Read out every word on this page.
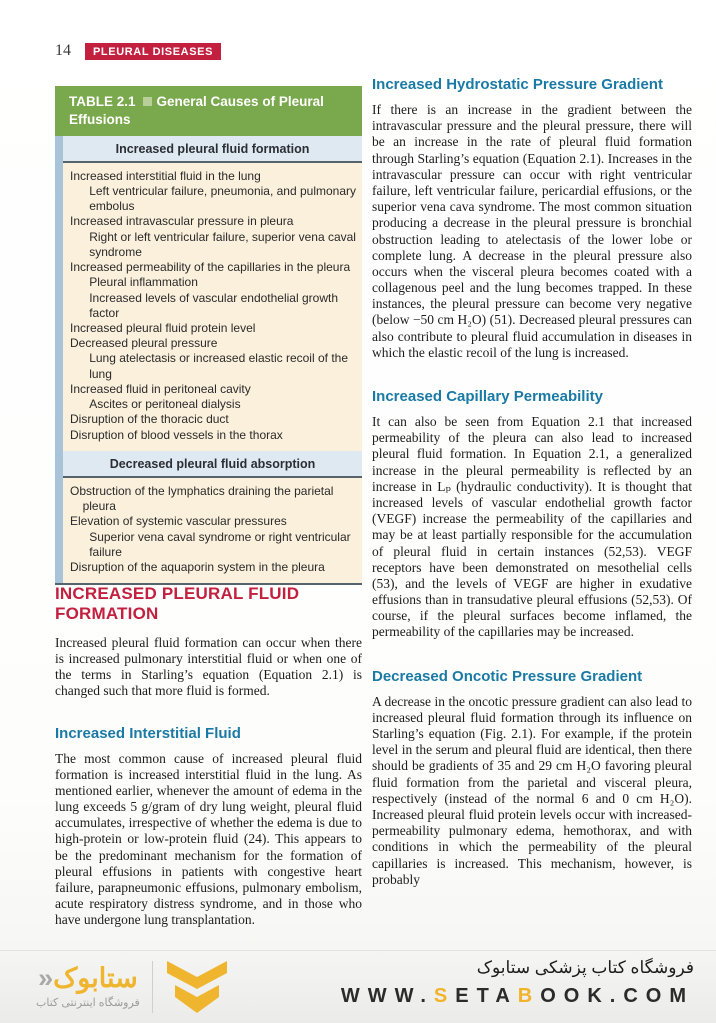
14	PLEURAL DISEASES
TABLE 2.1 General Causes of Pleural Effusions
Increased pleural fluid formation
Increased interstitial fluid in the lung
Left ventricular failure, pneumonia, and pulmonary embolus
Increased intravascular pressure in pleura
Right or left ventricular failure, superior vena caval syndrome
Increased permeability of the capillaries in the pleura
Pleural inflammation
Increased levels of vascular endothelial growth factor
Increased pleural fluid protein level
Decreased pleural pressure
Lung atelectasis or increased elastic recoil of the lung
Increased fluid in peritoneal cavity
Ascites or peritoneal dialysis
Disruption of the thoracic duct
Disruption of blood vessels in the thorax
Decreased pleural fluid absorption
Obstruction of the lymphatics draining the parietal pleura
Elevation of systemic vascular pressures
Superior vena caval syndrome or right ventricular failure
Disruption of the aquaporin system in the pleura
INCREASED PLEURAL FLUID FORMATION

Increased pleural fluid formation can occur when there is increased pulmonary interstitial fluid or when one of the terms in Starling’s equation (Equation 2.1) is changed such that more fluid is formed.

Increased Interstitial Fluid

The most common cause of increased pleural fluid formation is increased interstitial fluid in the lung. As mentioned earlier, whenever the amount of edema in the lung exceeds 5 g/gram of dry lung weight, pleural fluid accumulates, irrespective of whether the edema is due to high-protein or low-protein fluid (24). This appears to be the predominant mechanism for the formation of pleural effusions in patients with congestive heart failure, parapneumonic effusions, pulmonary embolism, acute respiratory distress syndrome, and in those who have undergone lung transplantation.

Increased Hydrostatic Pressure Gradient

If there is an increase in the gradient between the intravascular pressure and the pleural pressure, there will be an increase in the rate of pleural fluid formation through Starling’s equation (Equation 2.1). Increases in the intravascular pressure can occur with right ventricular failure, left ventricular failure, pericardial effusions, or the superior vena cava syndrome. The most common situation producing a decrease in the pleural pressure is bronchial obstruction leading to atelectasis of the lower lobe or complete lung. A decrease in the pleural pressure also occurs when the visceral pleura becomes coated with a collagenous peel and the lung becomes trapped. In these instances, the pleural pressure can become very negative (below −50 cm H₂O) (51). Decreased pleural pressures can also contribute to pleural fluid accumulation in diseases in which the elastic recoil of the lung is increased.

Increased Capillary Permeability

It can also be seen from Equation 2.1 that increased permeability of the pleura can also lead to increased pleural fluid formation. In Equation 2.1, a generalized increase in the pleural permeability is reflected by an increase in Lₚ (hydraulic conductivity). It is thought that increased levels of vascular endothelial growth factor (VEGF) increase the permeability of the capillaries and may be at least partially responsible for the accumulation of pleural fluid in certain instances (52,53). VEGF receptors have been demonstrated on mesothelial cells (53), and the levels of VEGF are higher in exudative effusions than in transudative pleural effusions (52,53). Of course, if the pleural surfaces become inflamed, the permeability of the capillaries may be increased.

Decreased Oncotic Pressure Gradient

A decrease in the oncotic pressure gradient can also lead to increased pleural fluid formation through its influence on Starling’s equation (Fig. 2.1). For example, if the protein level in the serum and pleural fluid are identical, then there should be gradients of 35 and 29 cm H₂O favoring pleural fluid formation from the parietal and visceral pleura, respectively (instead of the normal 6 and 0 cm H₂O). Increased pleural fluid protein levels occur with increased-permeability pulmonary edema, hemothorax, and with conditions in which the permeability of the pleural capillaries is increased. This mechanism, however, is probably

ستابوک«
فروشگاه اینترنتی کتاب
فروشگاه کتاب پزشکی ستابوک
WWW.SETABOOK.COM
